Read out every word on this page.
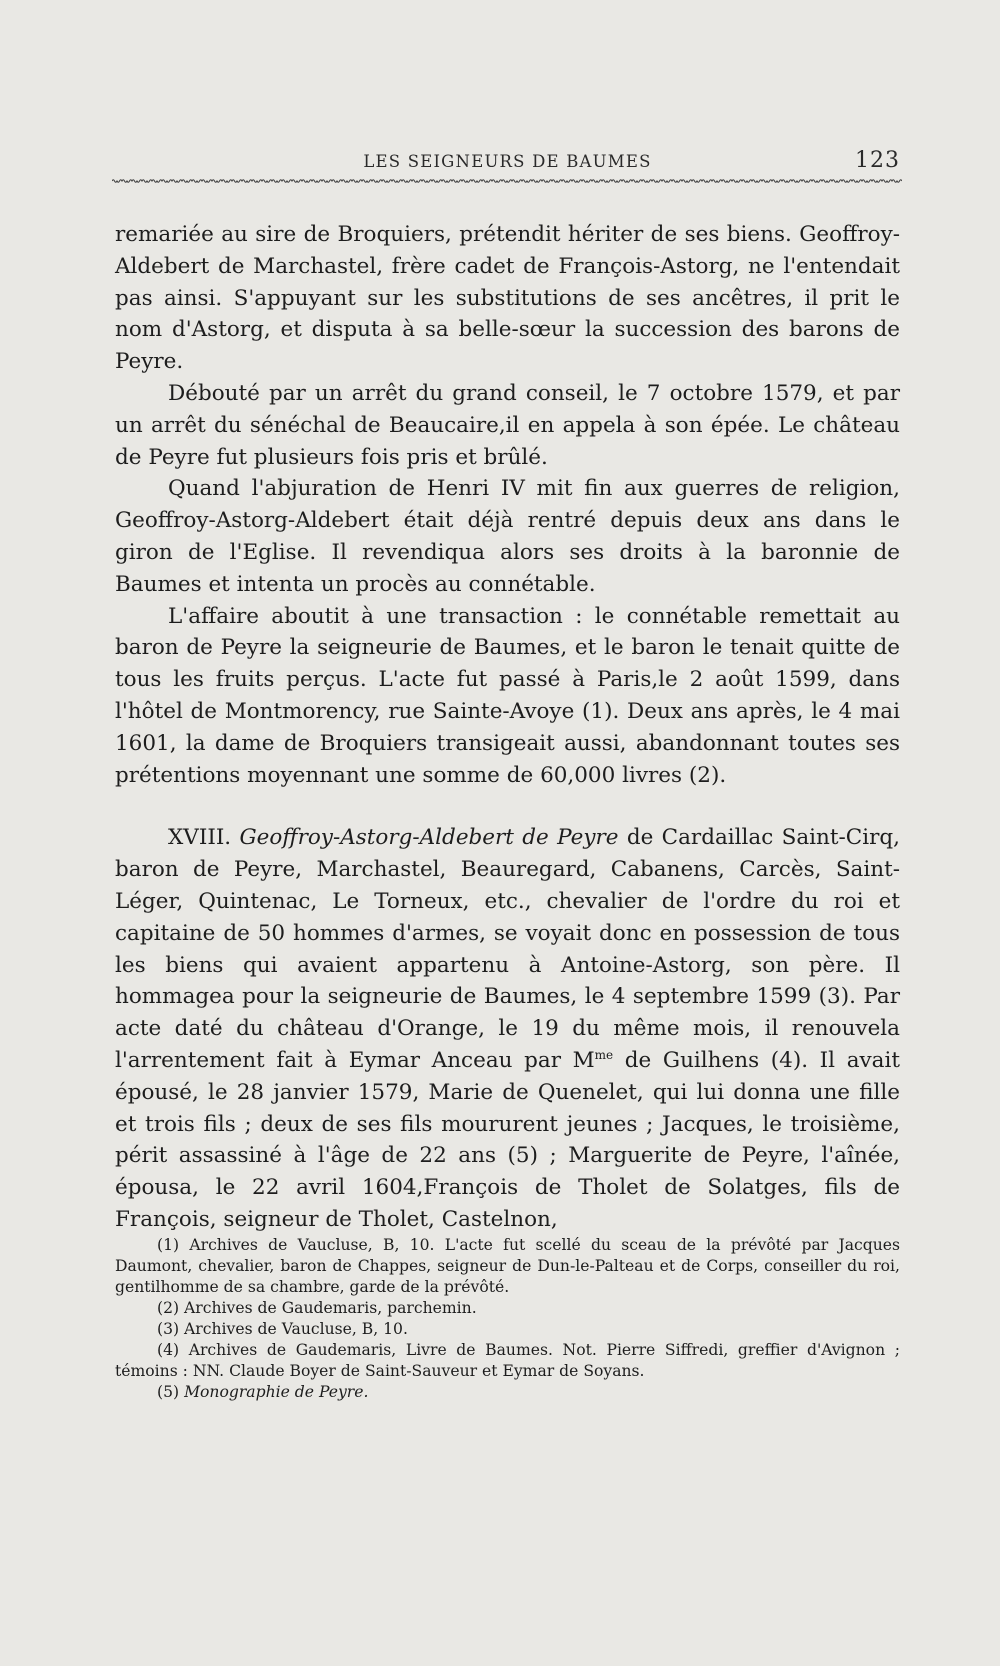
LES SEIGNEURS DE BAUMES	123

remariée au sire de Broquiers, prétendit hériter de ses biens. Geoffroy-Aldebert de Marchastel, frère cadet de François-Astorg, ne l'entendait pas ainsi. S'appuyant sur les substitutions de ses ancêtres, il prit le nom d'Astorg, et disputa à sa belle-sœur la succession des barons de Peyre.

Débouté par un arrêt du grand conseil, le 7 octobre 1579, et par un arrêt du sénéchal de Beaucaire,il en appela à son épée. Le château de Peyre fut plusieurs fois pris et brûlé.

Quand l'abjuration de Henri IV mit fin aux guerres de religion, Geoffroy-Astorg-Aldebert était déjà rentré depuis deux ans dans le giron de l'Eglise. Il revendiqua alors ses droits à la baronnie de Baumes et intenta un procès au connétable.

L'affaire aboutit à une transaction : le connétable remettait au baron de Peyre la seigneurie de Baumes, et le baron le tenait quitte de tous les fruits perçus. L'acte fut passé à Paris,le 2 août 1599, dans l'hôtel de Montmorency, rue Sainte-Avoye (1). Deux ans après, le 4 mai 1601, la dame de Broquiers transigeait aussi, abandonnant toutes ses prétentions moyennant une somme de 60,000 livres (2).

XVIII. Geoffroy-Astorg-Aldebert de Peyre de Cardaillac Saint-Cirq, baron de Peyre, Marchastel, Beauregard, Cabanens, Carcès, Saint-Léger, Quintenac, Le Torneux, etc., chevalier de l'ordre du roi et capitaine de 50 hommes d'armes, se voyait donc en possession de tous les biens qui avaient appartenu à Antoine-Astorg, son père. Il hommagea pour la seigneurie de Baumes, le 4 septembre 1599 (3). Par acte daté du château d'Orange, le 19 du même mois, il renouvela l'arrentement fait à Eymar Anceau par $M^{me}$ de Guilhens (4). Il avait épousé, le 28 janvier 1579, Marie de Quenelet, qui lui donna une fille et trois fils ; deux de ses fils moururent jeunes ; Jacques, le troisième, périt assassiné à l'âge de 22 ans (5) ; Marguerite de Peyre, l'aînée, épousa, le 22 avril 1604,François de Tholet de Solatges, fils de François, seigneur de Tholet, Castelnon,

(1) Archives de Vaucluse, B, 10. L'acte fut scellé du sceau de la prévôté par Jacques Daumont, chevalier, baron de Chappes, seigneur de Dun-le-Palteau et de Corps, conseiller du roi, gentilhomme de sa chambre, garde de la prévôté.

(2) Archives de Gaudemaris, parchemin.

(3) Archives de Vaucluse, B, 10.

(4) Archives de Gaudemaris, Livre de Baumes. Not. Pierre Siffredi, greffier d'Avignon ; témoins : NN. Claude Boyer de Saint-Sauveur et Eymar de Soyans.

(5) Monographie de Peyre.
